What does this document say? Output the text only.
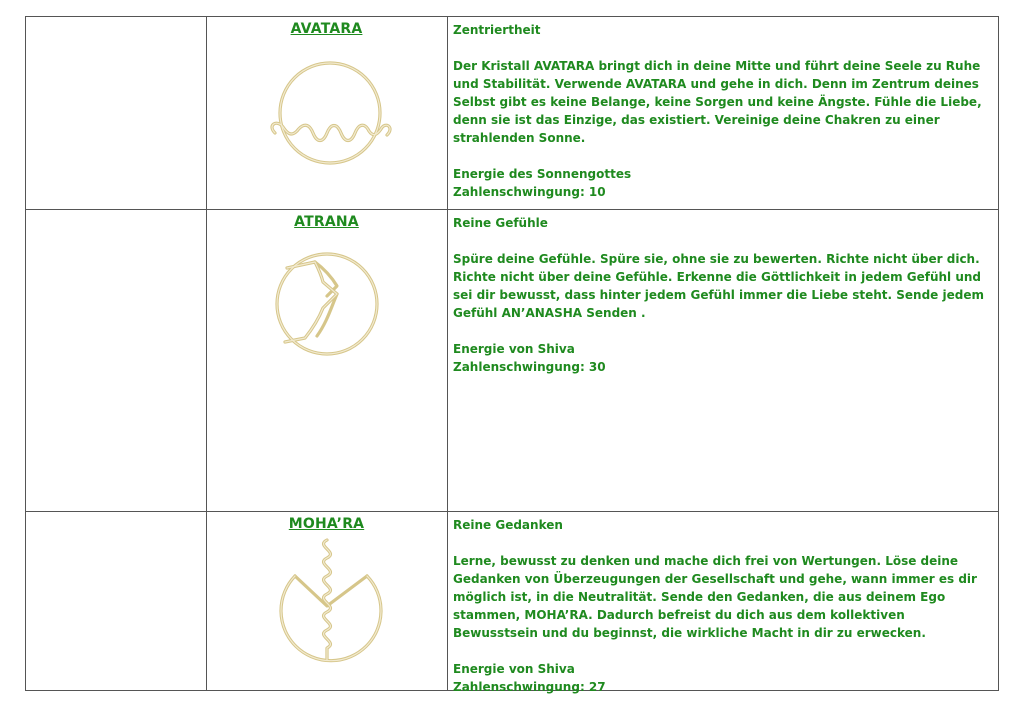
AVATARA	Zentriertheit
Der Kristall AVATARA bringt dich in deine Mitte und führt deine Seele zu Ruhe und Stabilität. Verwende AVATARA und gehe in dich. Denn im Zentrum deines Selbst gibt es keine Belange, keine Sorgen und keine Ängste. Fühle die Liebe, denn sie ist das Einzige, das existiert. Vereinige deine Chakren zu einer strahlenden Sonne.
Energie des Sonnengottes
Zahlenschwingung: 10
ATRANA	Reine Gefühle
Spüre deine Gefühle. Spüre sie, ohne sie zu bewerten. Richte nicht über dich. Richte nicht über deine Gefühle. Erkenne die Göttlichkeit in jedem Gefühl und sei dir bewusst, dass hinter jedem Gefühl immer die Liebe steht. Sende jedem Gefühl AN’ANASHA Senden .
Energie von Shiva
Zahlenschwingung: 30
MOHA’RA	Reine Gedanken
Lerne, bewusst zu denken und mache dich frei von Wertungen. Löse deine Gedanken von Überzeugungen der Gesellschaft und gehe, wann immer es dir möglich ist, in die Neutralität. Sende den Gedanken, die aus deinem Ego stammen, MOHA’RA. Dadurch befreist du dich aus dem kollektiven Bewusstsein und du beginnst, die wirkliche Macht in dir zu erwecken.
Energie von Shiva
Zahlenschwingung: 27
